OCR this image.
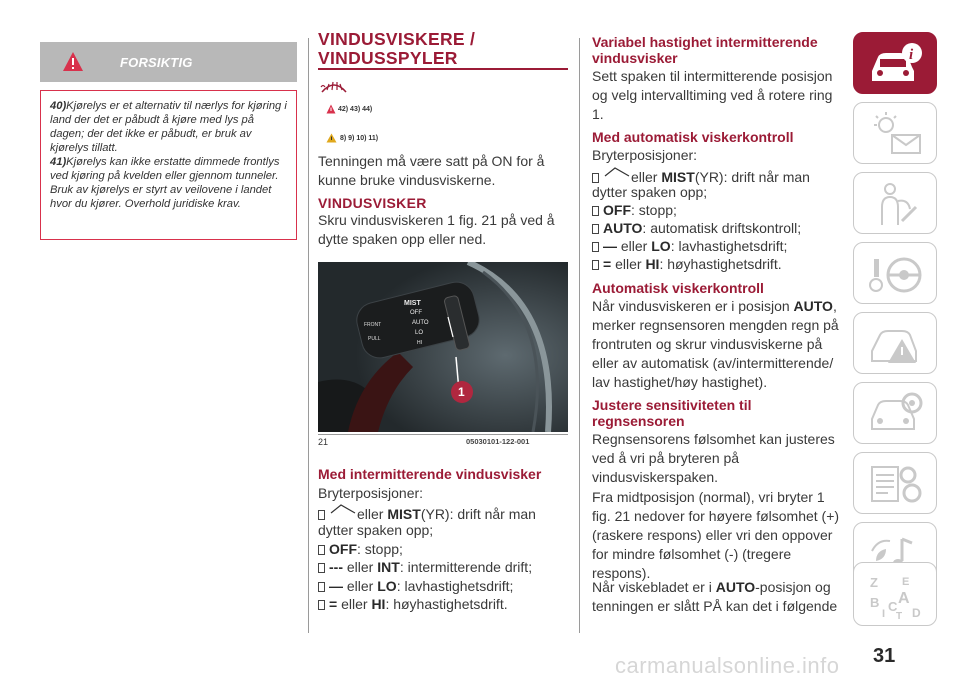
FORSIKTIG

40)Kjørelys er et alternativ til nærlys for kjøring i land der det er påbudt å kjøre med lys på dagen; der det ikke er påbudt, er bruk av kjørelys tillatt.

41)Kjørelys kan ikke erstatte dimmede frontlys ved kjøring på kvelden eller gjennom tunneler. Bruk av kjørelys er styrt av veilovene i landet hvor du kjører. Overhold juridiske krav.

VINDUSVISKERE /
VINDUSSPYLER
42) 43) 44)
8) 9) 10) 11)
Tenningen må være satt på ON for å kunne bruke vindusviskerne.
VINDUSVISKER
Skru vindusviskeren 1 fig. 21 på ved å dytte spaken opp eller ned.
FRONT
MIST
OFF
AUTO
LO
HI
PULL
1
21	05030101-122-001
Med intermitterende vindusvisker
Bryterposisjoner:
eller MIST(YR): drift når man
dytter spaken opp;
OFF: stopp;
--- eller INT: intermitterende drift;
— eller LO: lavhastighetsdrift;
= eller HI: høyhastighetsdrift.
Variabel hastighet intermitterende vindusvisker
Sett spaken til intermitterende posisjon og velg intervalltiming ved å rotere ring 1.
Med automatisk viskerkontroll
Bryterposisjoner:
eller MIST(YR): drift når man
dytter spaken opp;
OFF: stopp;
AUTO: automatisk driftskontroll;
— eller LO: lavhastighetsdrift;
= eller HI: høyhastighetsdrift.
Automatisk viskerkontroll
Når vindusviskeren er i posisjon AUTO, merker regnsensoren mengden regn på frontruten og skrur vindusviskerne på eller av automatisk (av/intermitterende/ lav hastighet/høy hastighet).
Justere sensitiviteten til regnsensoren
Regnsensorens følsomhet kan justeres ved å vri på bryteren på vindusviskerspaken.
Fra midtposisjon (normal), vri bryter 1 fig. 21 nedover for høyere følsomhet (+) (raskere respons) eller vri den oppover for mindre følsomhet (-) (tregere respons).
Når viskebladet er i AUTO-posisjon og tenningen er slått PÅ kan det i følgende
i
Z E
B A
I C D
T
31
carmanualsonline.info
